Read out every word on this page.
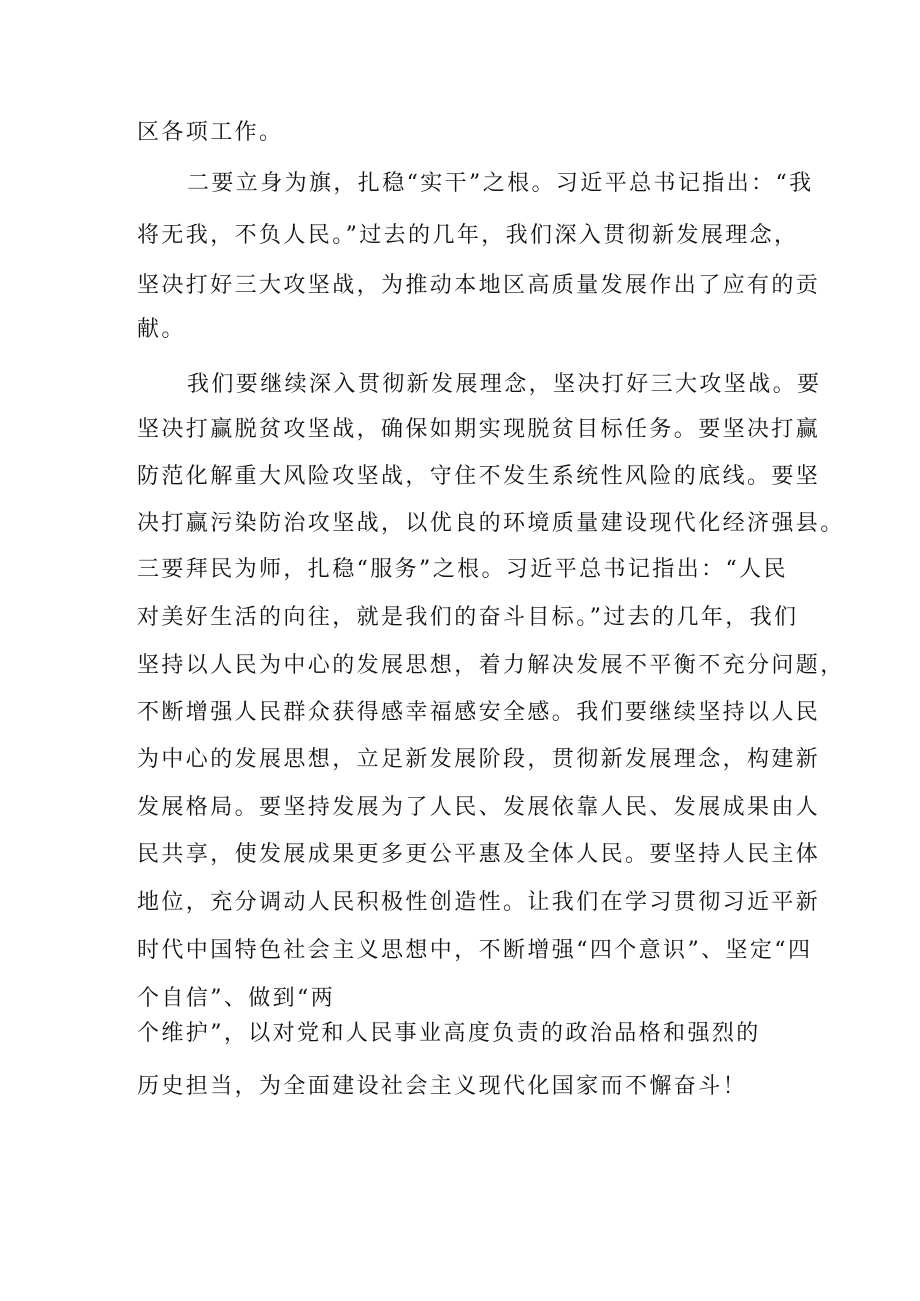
区各项工作。
二要立身为旗，扎稳“实干”之根。习近平总书记指出：“我
将无我，不负人民。”过去的几年，我们深入贯彻新发展理念，
坚决打好三大攻坚战，为推动本地区高质量发展作出了应有的贡
献。
我们要继续深入贯彻新发展理念，坚决打好三大攻坚战。要
坚决打赢脱贫攻坚战，确保如期实现脱贫目标任务。要坚决打赢
防范化解重大风险攻坚战，守住不发生系统性风险的底线。要坚
决打赢污染防治攻坚战，以优良的环境质量建设现代化经济强县。
三要拜民为师，扎稳“服务”之根。习近平总书记指出：“人民
对美好生活的向往，就是我们的奋斗目标。”过去的几年，我们
坚持以人民为中心的发展思想，着力解决发展不平衡不充分问题，
不断增强人民群众获得感幸福感安全感。我们要继续坚持以人民
为中心的发展思想，立足新发展阶段，贯彻新发展理念，构建新
发展格局。要坚持发展为了人民、发展依靠人民、发展成果由人
民共享，使发展成果更多更公平惠及全体人民。要坚持人民主体
地位，充分调动人民积极性创造性。让我们在学习贯彻习近平新
时代中国特色社会主义思想中，不断增强“四个意识”、坚定“四
个自信”、做到“两
个维护”，以对党和人民事业高度负责的政治品格和强烈的
历史担当，为全面建设社会主义现代化国家而不懈奋斗！
